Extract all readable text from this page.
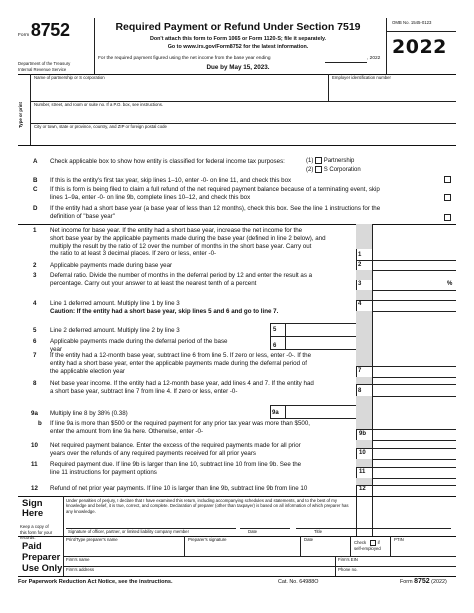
Form 8752
Department of the Treasury
Internal Revenue Service
Required Payment or Refund Under Section 7519
Don't attach this form to Form 1065 or Form 1120-S; file it separately.
Go to www.irs.gov/Form8752 for the latest information.
For the required payment figured using the net income from the base year ending	, 2022
Due by May 15, 2023.
OMB No. 1545-0123
2022
Type or print
Name of partnership or S corporation	Employer identification number
Number, street, and room or suite no. If a P.O. box, see instructions.
City or town, state or province, country, and ZIP or foreign postal code
A Check applicable box to show how entity is classified for federal income tax purposes:	(1) Partnership
(2) S Corporation
B If this is the entity's first tax year, skip lines 1–10, enter -0- on line 11, and check this box
C If this is form is being filed to claim a full refund of the net required payment balance because of a terminating event, skip
lines 1–9a, enter -0- on line 9b, complete lines 10–12, and check this box
D If the entity had a short base year (a base year of less than 12 months), check this box. See the line 1 instructions for the
definition of "base year"
1 Net income for base year. If the entity had a short base year, increase the net income for the
short base year by the applicable payments made during the base year (defined in line 2 below), and
multiply the result by the ratio of 12 over the number of months in the short base year. Carry out
the ratio to at least 3 decimal places. If zero or less, enter -0-	1
2 Applicable payments made during base year	2
3 Deferral ratio. Divide the number of months in the deferral period by 12 and enter the result as a
percentage. Carry out your answer to at least the nearest tenth of a percent	3	%
4 Line 1 deferred amount. Multiply line 1 by line 3
Caution: If the entity had a short base year, skip lines 5 and 6 and go to line 7.
4
5 Line 2 deferred amount. Multiply line 2 by line 3	5
6 Applicable payments made during the deferral period of the base
year	6
7 If the entity had a 12-month base year, subtract line 6 from line 5. If zero or less, enter -0-. If the
entity had a short base year, enter the applicable payments made during the deferral period of
the applicable election year	7
8 Net base year income. If the entity had a 12-month base year, add lines 4 and 7. If the entity had
a short base year, subtract line 7 from line 4. If zero or less, enter -0-	8
9a Multiply line 8 by 38% (0.38)	9a
b If line 9a is more than $500 or the required payment for any prior tax year was more than $500,
enter the amount from line 9a here. Otherwise, enter -0-	9b
10 Net required payment balance. Enter the excess of the required payments made for all prior
years over the refunds of any required payments received for all prior years	10
11 Required payment due. If line 9b is larger than line 10, subtract line 10 from line 9b. See the
line 11 instructions for payment options	11
12 Refund of net prior year payments. If line 10 is larger than line 9b, subtract line 9b from line 10	12
Sign
Here
Keep a copy of
this form for your
records.
Under penalties of perjury, I declare that I have examined this return, including accompanying schedules and statements, and to the best of my
knowledge and belief, it is true, correct, and complete. Declaration of preparer (other than taxpayer) is based on all information of which preparer has
any knowledge.
Signature of officer, partner, or limited liability company member	Date	Title
Paid
Preparer
Use Only
Print/Type preparer's name	Preparer's signature	Date
Check	if
self-employed
PTIN
Firm's name	Firm's EIN
Firm's address	Phone no.
For Paperwork Reduction Act Notice, see the instructions.	Cat. No. 64988O	Form 8752 (2022)
